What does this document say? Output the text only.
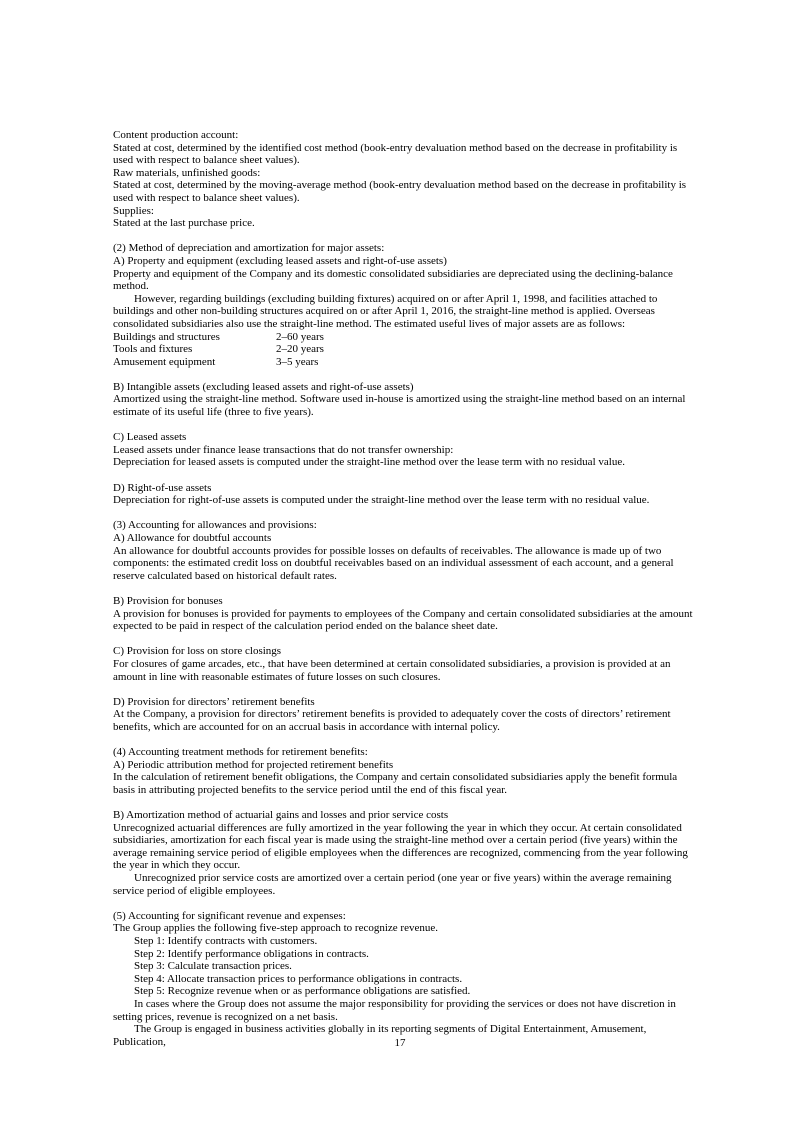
Content production account:

Stated at cost, determined by the identified cost method (book-entry devaluation method based on the decrease in profitability is used with respect to balance sheet values).

Raw materials, unfinished goods:

Stated at cost, determined by the moving-average method (book-entry devaluation method based on the decrease in profitability is used with respect to balance sheet values).

Supplies:

Stated at the last purchase price.

(2) Method of depreciation and amortization for major assets:

A) Property and equipment (excluding leased assets and right-of-use assets)

Property and equipment of the Company and its domestic consolidated subsidiaries are depreciated using the declining-balance method.

However, regarding buildings (excluding building fixtures) acquired on or after April 1, 1998, and facilities attached to buildings and other non-building structures acquired on or after April 1, 2016, the straight-line method is applied. Overseas consolidated subsidiaries also use the straight-line method. The estimated useful lives of major assets are as follows:

Buildings and structures	2–60 years
Tools and fixtures	2–20 years
Amusement equipment	3–5 years

B) Intangible assets (excluding leased assets and right-of-use assets)

Amortized using the straight-line method. Software used in-house is amortized using the straight-line method based on an internal estimate of its useful life (three to five years).

C) Leased assets

Leased assets under finance lease transactions that do not transfer ownership:

Depreciation for leased assets is computed under the straight-line method over the lease term with no residual value.

D) Right-of-use assets

Depreciation for right-of-use assets is computed under the straight-line method over the lease term with no residual value.

(3) Accounting for allowances and provisions:

A) Allowance for doubtful accounts

An allowance for doubtful accounts provides for possible losses on defaults of receivables. The allowance is made up of two components: the estimated credit loss on doubtful receivables based on an individual assessment of each account, and a general reserve calculated based on historical default rates.

B) Provision for bonuses

A provision for bonuses is provided for payments to employees of the Company and certain consolidated subsidiaries at the amount expected to be paid in respect of the calculation period ended on the balance sheet date.

C) Provision for loss on store closings

For closures of game arcades, etc., that have been determined at certain consolidated subsidiaries, a provision is provided at an amount in line with reasonable estimates of future losses on such closures.

D) Provision for directors’ retirement benefits

At the Company, a provision for directors’ retirement benefits is provided to adequately cover the costs of directors’ retirement benefits, which are accounted for on an accrual basis in accordance with internal policy.

(4) Accounting treatment methods for retirement benefits:

A) Periodic attribution method for projected retirement benefits

In the calculation of retirement benefit obligations, the Company and certain consolidated subsidiaries apply the benefit formula basis in attributing projected benefits to the service period until the end of this fiscal year.

B) Amortization method of actuarial gains and losses and prior service costs

Unrecognized actuarial differences are fully amortized in the year following the year in which they occur. At certain consolidated subsidiaries, amortization for each fiscal year is made using the straight-line method over a certain period (five years) within the average remaining service period of eligible employees when the differences are recognized, commencing from the year following the year in which they occur.

Unrecognized prior service costs are amortized over a certain period (one year or five years) within the average remaining service period of eligible employees.

(5) Accounting for significant revenue and expenses:

The Group applies the following five-step approach to recognize revenue.

Step 1: Identify contracts with customers.

Step 2: Identify performance obligations in contracts.

Step 3: Calculate transaction prices.

Step 4: Allocate transaction prices to performance obligations in contracts.

Step 5: Recognize revenue when or as performance obligations are satisfied.

In cases where the Group does not assume the major responsibility for providing the services or does not have discretion in setting prices, revenue is recognized on a net basis.

The Group is engaged in business activities globally in its reporting segments of Digital Entertainment, Amusement, Publication,	17
